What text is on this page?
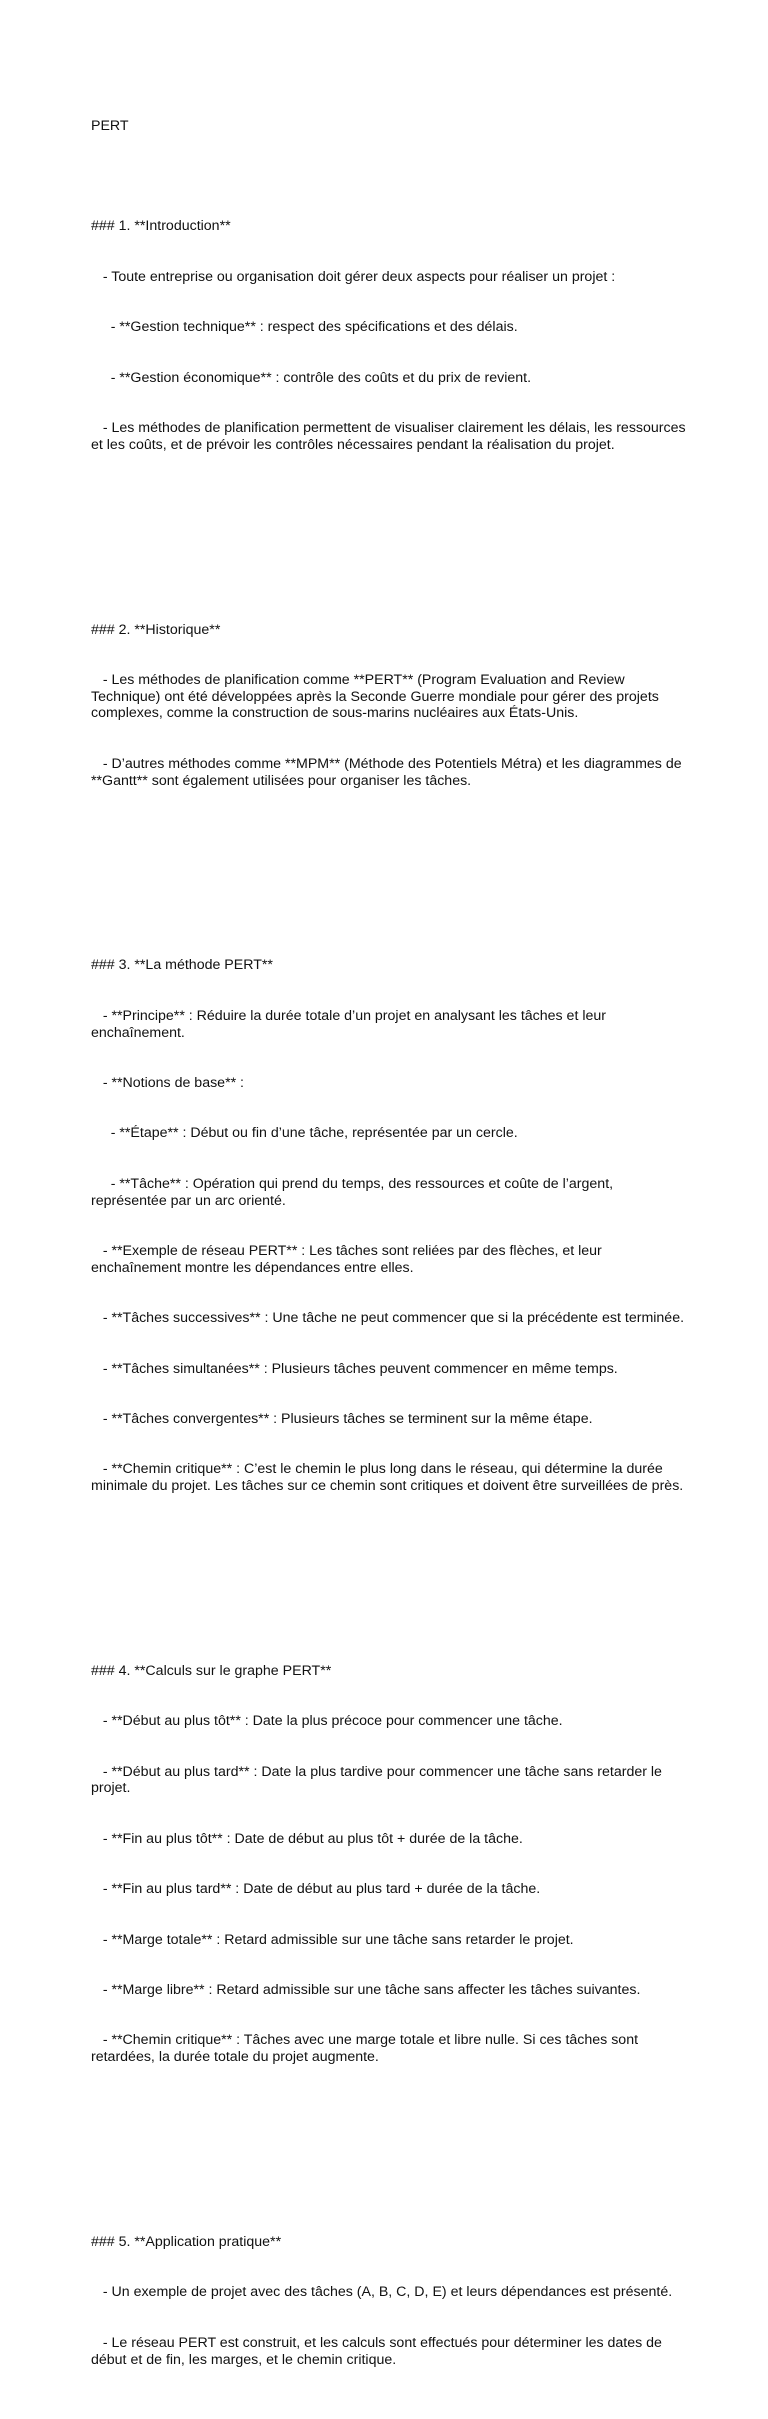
PERT

### 1. **Introduction**

- Toute entreprise ou organisation doit gérer deux aspects pour réaliser un projet :

- **Gestion technique** : respect des spécifications et des délais.

- **Gestion économique** : contrôle des coûts et du prix de revient.

- Les méthodes de planification permettent de visualiser clairement les délais, les ressources et les coûts, et de prévoir les contrôles nécessaires pendant la réalisation du projet.

### 2. **Historique**

- Les méthodes de planification comme **PERT** (Program Evaluation and Review Technique) ont été développées après la Seconde Guerre mondiale pour gérer des projets complexes, comme la construction de sous-marins nucléaires aux États-Unis.

- D’autres méthodes comme **MPM** (Méthode des Potentiels Métra) et les diagrammes de **Gantt** sont également utilisées pour organiser les tâches.

### 3. **La méthode PERT**

- **Principe** : Réduire la durée totale d’un projet en analysant les tâches et leur enchaînement.

- **Notions de base** :

- **Étape** : Début ou fin d’une tâche, représentée par un cercle.

- **Tâche** : Opération qui prend du temps, des ressources et coûte de l’argent, représentée par un arc orienté.

- **Exemple de réseau PERT** : Les tâches sont reliées par des flèches, et leur enchaînement montre les dépendances entre elles.

- **Tâches successives** : Une tâche ne peut commencer que si la précédente est terminée.

- **Tâches simultanées** : Plusieurs tâches peuvent commencer en même temps.

- **Tâches convergentes** : Plusieurs tâches se terminent sur la même étape.

- **Chemin critique** : C’est le chemin le plus long dans le réseau, qui détermine la durée minimale du projet. Les tâches sur ce chemin sont critiques et doivent être surveillées de près.

### 4. **Calculs sur le graphe PERT**

- **Début au plus tôt** : Date la plus précoce pour commencer une tâche.

- **Début au plus tard** : Date la plus tardive pour commencer une tâche sans retarder le projet.

- **Fin au plus tôt** : Date de début au plus tôt + durée de la tâche.

- **Fin au plus tard** : Date de début au plus tard + durée de la tâche.

- **Marge totale** : Retard admissible sur une tâche sans retarder le projet.

- **Marge libre** : Retard admissible sur une tâche sans affecter les tâches suivantes.

- **Chemin critique** : Tâches avec une marge totale et libre nulle. Si ces tâches sont retardées, la durée totale du projet augmente.

### 5. **Application pratique**

- Un exemple de projet avec des tâches (A, B, C, D, E) et leurs dépendances est présenté.

- Le réseau PERT est construit, et les calculs sont effectués pour déterminer les dates de début et de fin, les marges, et le chemin critique.
